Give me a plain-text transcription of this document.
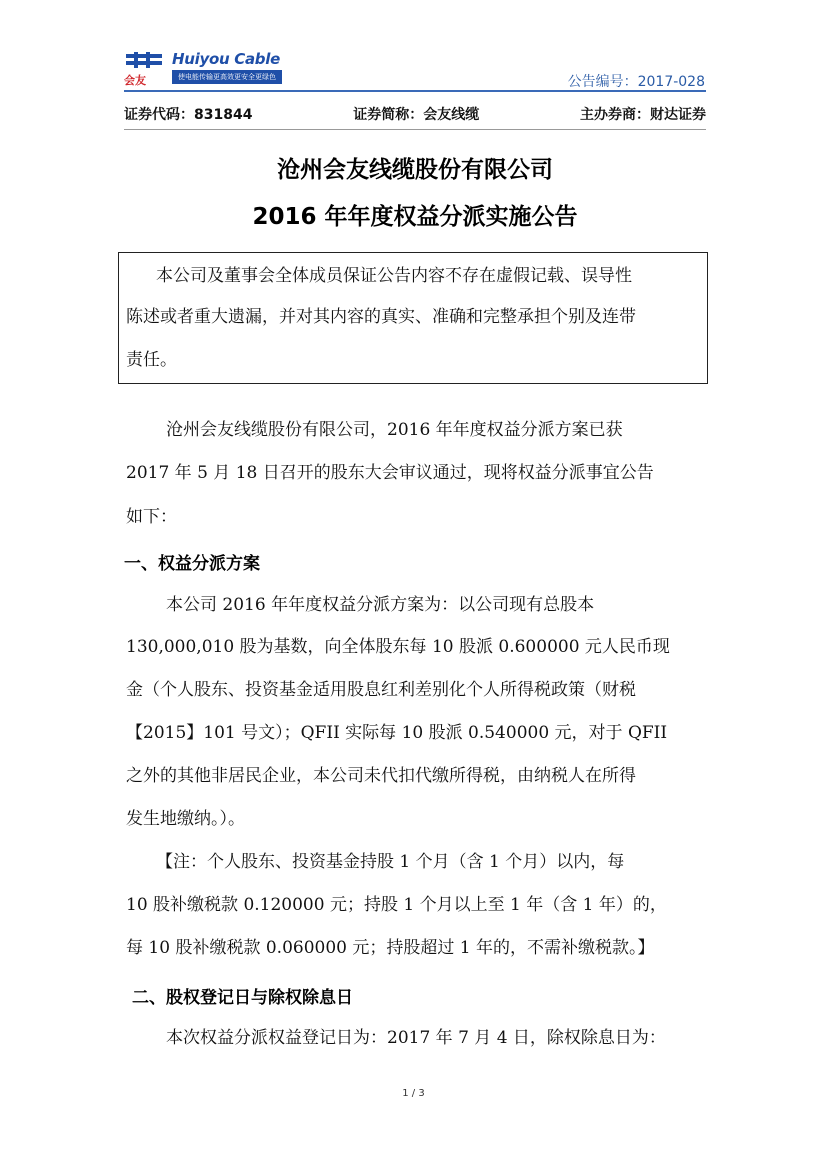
会友
Huiyou Cable
使电能传输更高效更安全更绿色	公告编号：2017-028
证券代码：831844	证券简称：会友线缆	主办券商：财达证券
沧州会友线缆股份有限公司
2016 年年度权益分派实施公告
本公司及董事会全体成员保证公告内容不存在虚假记载、误导性
陈述或者重大遗漏，并对其内容的真实、准确和完整承担个别及连带
责任。
沧州会友线缆股份有限公司，2016 年年度权益分派方案已获
2017 年 5 月 18 日召开的股东大会审议通过，现将权益分派事宜公告
如下：
一、权益分派方案
本公司 2016 年年度权益分派方案为：以公司现有总股本
130,000,010 股为基数，向全体股东每 10 股派 0.600000 元人民币现
金（个人股东、投资基金适用股息红利差别化个人所得税政策（财税
【2015】101 号文）；QFII 实际每 10 股派 0.540000 元，对于 QFII
之外的其他非居民企业，本公司未代扣代缴所得税，由纳税人在所得
发生地缴纳。）。
【注：个人股东、投资基金持股 1 个月（含 1 个月）以内，每
10 股补缴税款 0.120000 元；持股 1 个月以上至 1 年（含 1 年）的，
每 10 股补缴税款 0.060000 元；持股超过 1 年的，不需补缴税款。】
二、股权登记日与除权除息日
本次权益分派权益登记日为：2017 年 7 月 4 日，除权除息日为：
1 / 3
